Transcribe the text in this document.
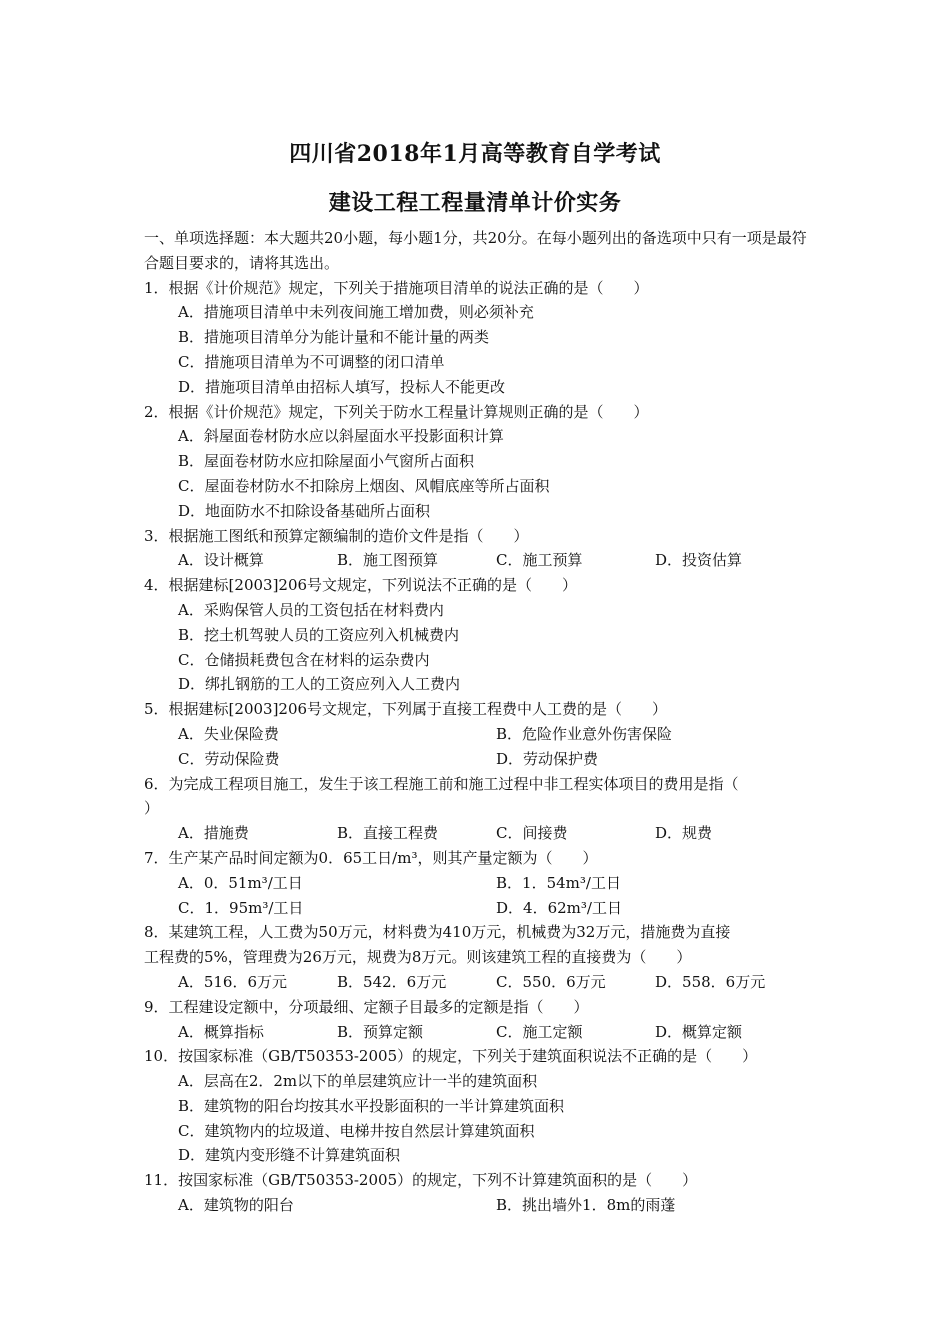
四川省2018年1月高等教育自学考试
建设工程工程量清单计价实务
一、单项选择题：本大题共20小题，每小题1分，共20分。在每小题列出的备选项中只有一项是最符合题目要求的，请将其选出。
1．根据《计价规范》规定，下列关于措施项目清单的说法正确的是（　　）
A．措施项目清单中未列夜间施工增加费，则必须补充
B．措施项目清单分为能计量和不能计量的两类
C．措施项目清单为不可调整的闭口清单
D．措施项目清单由招标人填写，投标人不能更改
2．根据《计价规范》规定，下列关于防水工程量计算规则正确的是（　　）
A．斜屋面卷材防水应以斜屋面水平投影面积计算
B．屋面卷材防水应扣除屋面小气窗所占面积
C．屋面卷材防水不扣除房上烟囱、风帽底座等所占面积
D．地面防水不扣除设备基础所占面积
3．根据施工图纸和预算定额编制的造价文件是指（　　）
A．设计概算	B．施工图预算	C．施工预算	D．投资估算
4．根据建标[2003]206号文规定，下列说法不正确的是（　　）
A．采购保管人员的工资包括在材料费内
B．挖土机驾驶人员的工资应列入机械费内
C．仓储损耗费包含在材料的运杂费内
D．绑扎钢筋的工人的工资应列入人工费内
5．根据建标[2003]206号文规定，下列属于直接工程费中人工费的是（　　）
A．失业保险费	B．危险作业意外伤害保险
C．劳动保险费	D．劳动保护费
6．为完成工程项目施工，发生于该工程施工前和施工过程中非工程实体项目的费用是指（
）
A．措施费	B．直接工程费	C．间接费	D．规费
7．生产某产品时间定额为0．65工日/m³，则其产量定额为（　　）
A．0．51m³/工日	B．1．54m³/工日
C．1．95m³/工日	D．4．62m³/工日
8．某建筑工程，人工费为50万元，材料费为410万元，机械费为32万元，措施费为直接
工程费的5%，管理费为26万元，规费为8万元。则该建筑工程的直接费为（　　）
A．516．6万元	B．542．6万元	C．550．6万元	D．558．6万元
9．工程建设定额中，分项最细、定额子目最多的定额是指（　　）
A．概算指标	B．预算定额	C．施工定额	D．概算定额
10．按国家标准（GB/T50353-2005）的规定，下列关于建筑面积说法不正确的是（　　）
A．层高在2．2m以下的单层建筑应计一半的建筑面积
B．建筑物的阳台均按其水平投影面积的一半计算建筑面积
C．建筑物内的垃圾道、电梯井按自然层计算建筑面积
D．建筑内变形缝不计算建筑面积
11．按国家标准（GB/T50353-2005）的规定，下列不计算建筑面积的是（　　）
A．建筑物的阳台	B．挑出墙外1．8m的雨蓬
